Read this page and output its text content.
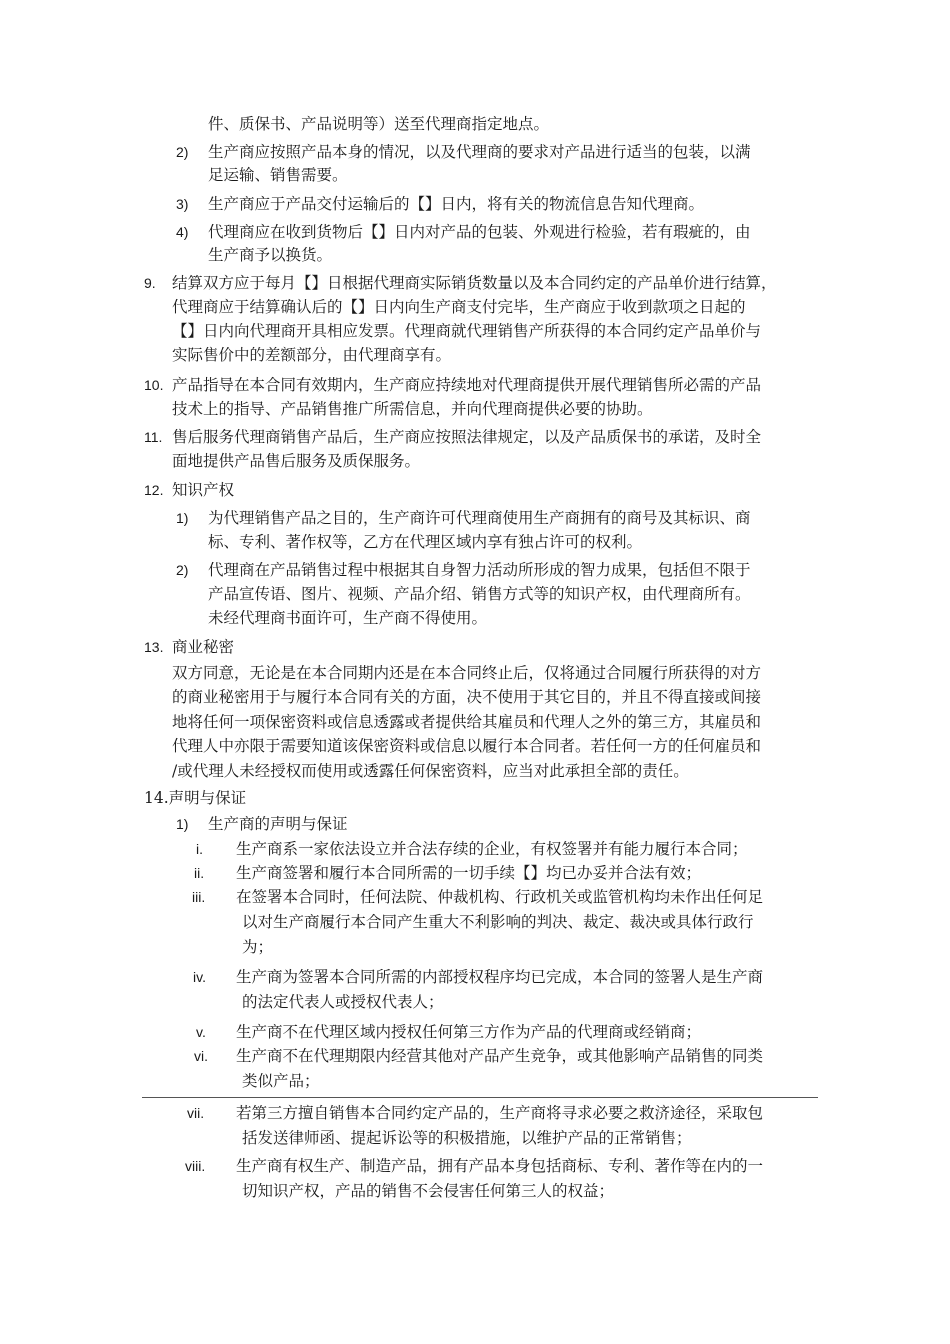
件、质保书、产品说明等）送至代理商指定地点。
2) 生产商应按照产品本身的情况，以及代理商的要求对产品进行适当的包装，以满
足运输、销售需要。
3) 生产商应于产品交付运输后的【】日内，将有关的物流信息告知代理商。
4) 代理商应在收到货物后【】日内对产品的包装、外观进行检验，若有瑕疵的，由
生产商予以换货。
9. 结算双方应于每月【】日根据代理商实际销货数量以及本合同约定的产品单价进行结算，
代理商应于结算确认后的【】日内向生产商支付完毕，生产商应于收到款项之日起的
【】日内向代理商开具相应发票。代理商就代理销售产所获得的本合同约定产品单价与
实际售价中的差额部分，由代理商享有。
10. 产品指导在本合同有效期内，生产商应持续地对代理商提供开展代理销售所必需的产品
技术上的指导、产品销售推广所需信息，并向代理商提供必要的协助。
11. 售后服务代理商销售产品后，生产商应按照法律规定，以及产品质保书的承诺，及时全
面地提供产品售后服务及质保服务。
12. 知识产权
1) 为代理销售产品之目的，生产商许可代理商使用生产商拥有的商号及其标识、商
标、专利、著作权等，乙方在代理区域内享有独占许可的权利。
2) 代理商在产品销售过程中根据其自身智力活动所形成的智力成果，包括但不限于
产品宣传语、图片、视频、产品介绍、销售方式等的知识产权，由代理商所有。
未经代理商书面许可，生产商不得使用。
13. 商业秘密
双方同意，无论是在本合同期内还是在本合同终止后，仅将通过合同履行所获得的对方
的商业秘密用于与履行本合同有关的方面，决不使用于其它目的，并且不得直接或间接
地将任何一项保密资料或信息透露或者提供给其雇员和代理人之外的第三方，其雇员和
代理人中亦限于需要知道该保密资料或信息以履行本合同者。若任何一方的任何雇员和
/或代理人未经授权而使用或透露任何保密资料，应当对此承担全部的责任。
14.声明与保证
1) 生产商的声明与保证
i. 生产商系一家依法设立并合法存续的企业，有权签署并有能力履行本合同；
ii. 生产商签署和履行本合同所需的一切手续【】均已办妥并合法有效；
iii. 在签署本合同时，任何法院、仲裁机构、行政机关或监管机构均未作出任何足
以对生产商履行本合同产生重大不利影响的判决、裁定、裁决或具体行政行
为；
iv. 生产商为签署本合同所需的内部授权程序均已完成，本合同的签署人是生产商
的法定代表人或授权代表人；
v. 生产商不在代理区域内授权任何第三方作为产品的代理商或经销商；
vi. 生产商不在代理期限内经营其他对产品产生竞争，或其他影响产品销售的同类
类似产品；
vii. 若第三方擅自销售本合同约定产品的，生产商将寻求必要之救济途径，采取包
括发送律师函、提起诉讼等的积极措施，以维护产品的正常销售；
viii. 生产商有权生产、制造产品，拥有产品本身包括商标、专利、著作等在内的一
切知识产权，产品的销售不会侵害任何第三人的权益；
